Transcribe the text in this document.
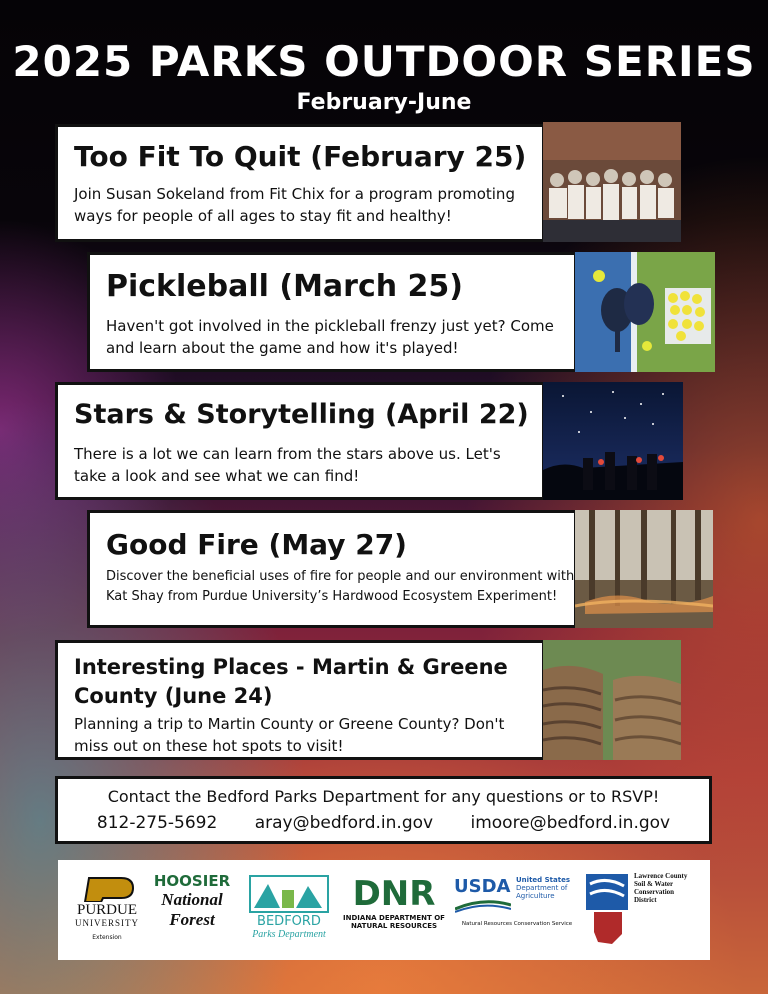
2025 PARKS OUTDOOR SERIES
February-June
Too Fit To Quit (February 25)

Join Susan Sokeland from Fit Chix for a program promoting ways for people of all ages to stay fit and healthy!

Pickleball (March 25)

Haven't got involved in the pickleball frenzy just yet? Come and learn about the game and how it's played!

Stars & Storytelling (April 22)

There is a lot we can learn from the stars above us. Let's take a look and see what we can find!

Good Fire (May 27)

Discover the beneficial uses of fire for people and our environment with Kat Shay from Purdue University’s Hardwood Ecosystem Experiment!

Interesting Places - Martin & Greene County (June 24)

Planning a trip to Martin County or Greene County? Don't miss out on these hot spots to visit!

Contact the Bedford Parks Department for any questions or to RSVP!
812-275-5692 aray@bedford.in.gov imoore@bedford.in.gov
PURDUE
UNIVERSITY
Extension
HOOSIER
National
Forest	BEDFORD
Parks Department
DNR
INDIANA DEPARTMENT OF
NATURAL RESOURCES
USDA United States
Department of
Agriculture
Natural Resources Conservation Service
Lawrence County
Soil & Water
Conservation
District
